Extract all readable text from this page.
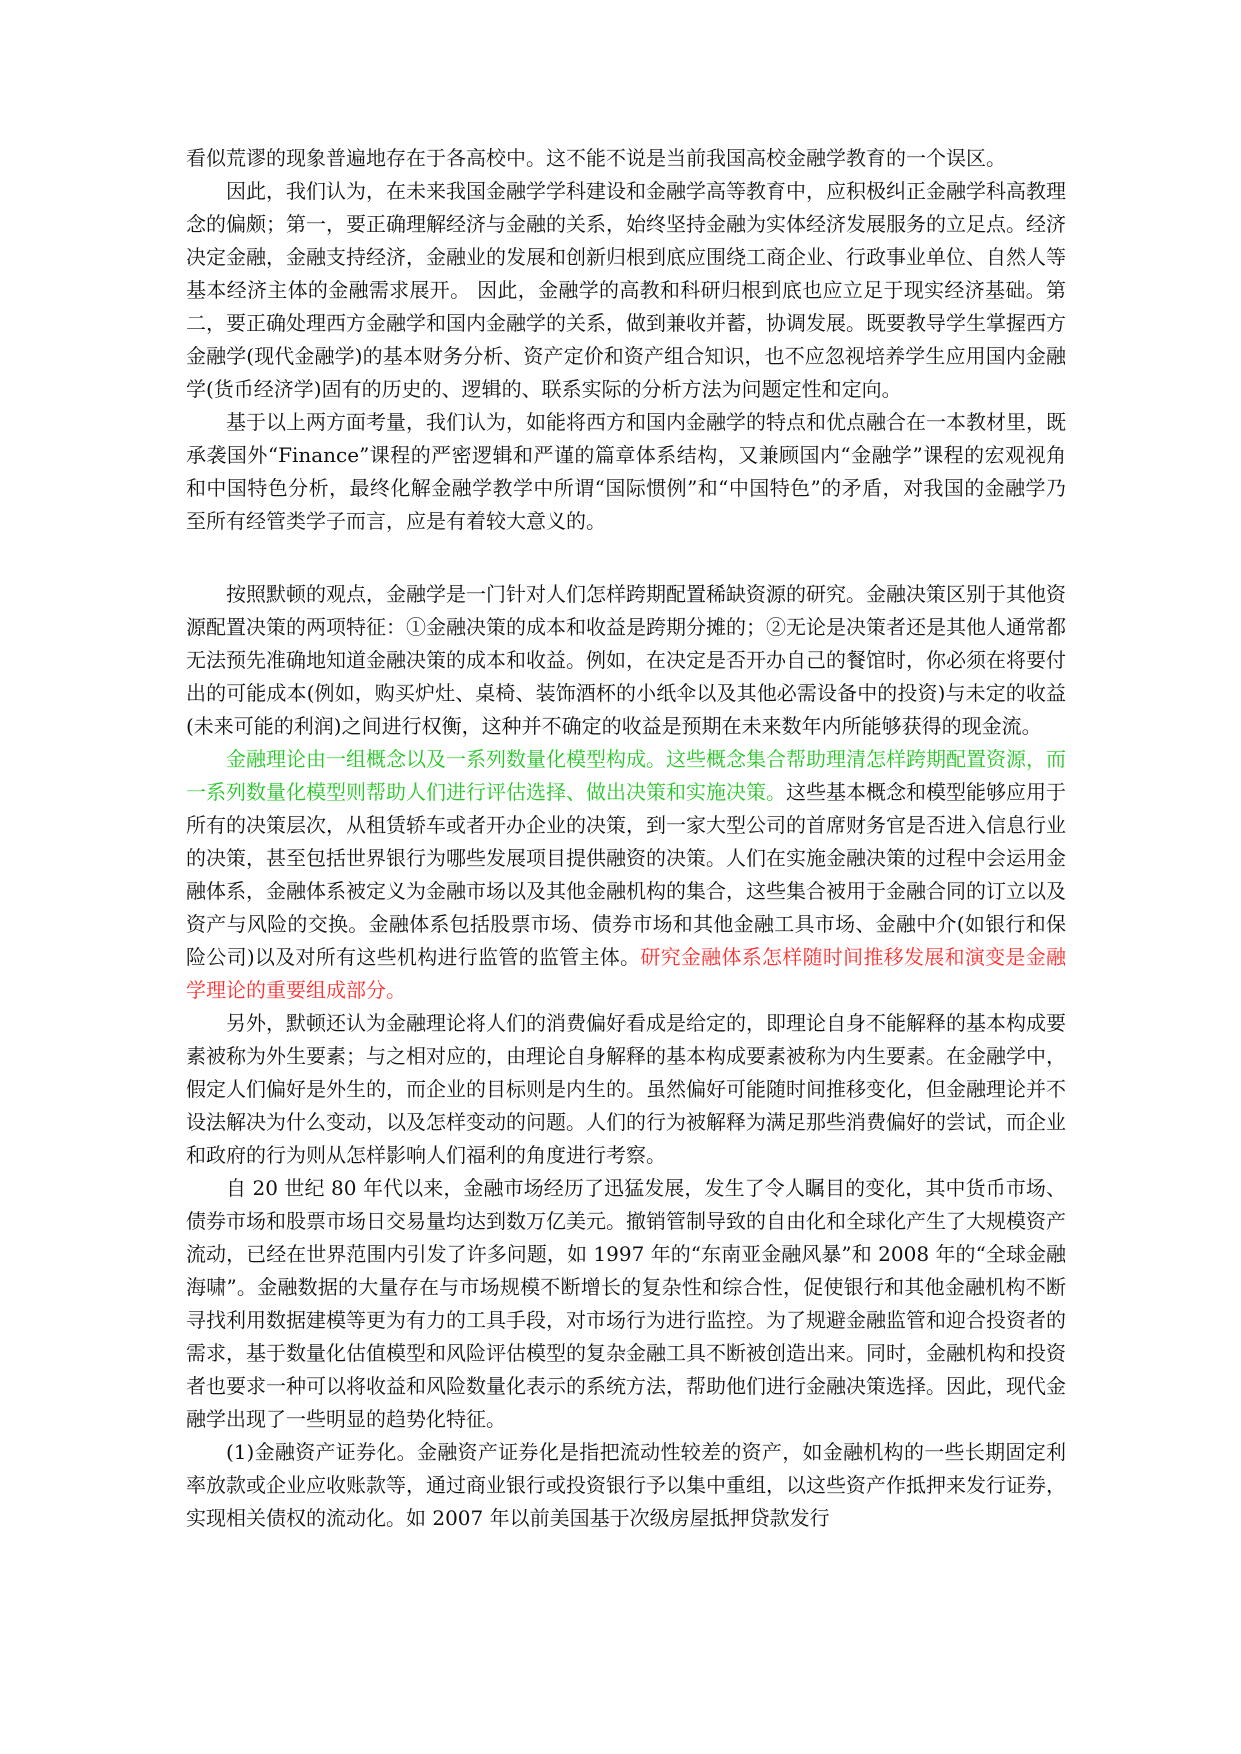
看似荒谬的现象普遍地存在于各高校中。这不能不说是当前我国高校金融学教育的一个误区。

因此，我们认为，在未来我国金融学学科建设和金融学高等教育中，应积极纠正金融学科高教理念的偏颇；第一，要正确理解经济与金融的关系，始终坚持金融为实体经济发展服务的立足点。经济决定金融，金融支持经济，金融业的发展和创新归根到底应围绕工商企业、行政事业单位、自然人等基本经济主体的金融需求展开。 因此，金融学的高教和科研归根到底也应立足于现实经济基础。第二，要正确处理西方金融学和国内金融学的关系，做到兼收并蓄，协调发展。既要教导学生掌握西方金融学(现代金融学)的基本财务分析、资产定价和资产组合知识，也不应忽视培养学生应用国内金融学(货币经济学)固有的历史的、逻辑的、联系实际的分析方法为问题定性和定向。

基于以上两方面考量，我们认为，如能将西方和国内金融学的特点和优点融合在一本教材里，既承袭国外“Finance”课程的严密逻辑和严谨的篇章体系结构，又兼顾国内“金融学”课程的宏观视角和中国特色分析，最终化解金融学教学中所谓“国际惯例”和“中国特色”的矛盾，对我国的金融学乃至所有经管类学子而言，应是有着较大意义的。

按照默顿的观点，金融学是一门针对人们怎样跨期配置稀缺资源的研究。金融决策区别于其他资源配置决策的两项特征：①金融决策的成本和收益是跨期分摊的；②无论是决策者还是其他人通常都无法预先准确地知道金融决策的成本和收益。例如，在决定是否开办自己的餐馆时，你必须在将要付出的可能成本(例如，购买炉灶、桌椅、装饰酒杯的小纸伞以及其他必需设备中的投资)与未定的收益(未来可能的利润)之间进行权衡，这种并不确定的收益是预期在未来数年内所能够获得的现金流。

金融理论由一组概念以及一系列数量化模型构成。这些概念集合帮助理清怎样跨期配置资源，而一系列数量化模型则帮助人们进行评估选择、做出决策和实施决策。这些基本概念和模型能够应用于所有的决策层次，从租赁轿车或者开办企业的决策，到一家大型公司的首席财务官是否进入信息行业的决策，甚至包括世界银行为哪些发展项目提供融资的决策。人们在实施金融决策的过程中会运用金融体系，金融体系被定义为金融市场以及其他金融机构的集合，这些集合被用于金融合同的订立以及资产与风险的交换。金融体系包括股票市场、债券市场和其他金融工具市场、金融中介(如银行和保险公司)以及对所有这些机构进行监管的监管主体。研究金融体系怎样随时间推移发展和演变是金融学理论的重要组成部分。

另外，默顿还认为金融理论将人们的消费偏好看成是给定的，即理论自身不能解释的基本构成要素被称为外生要素；与之相对应的，由理论自身解释的基本构成要素被称为内生要素。在金融学中，假定人们偏好是外生的，而企业的目标则是内生的。虽然偏好可能随时间推移变化，但金融理论并不设法解决为什么变动，以及怎样变动的问题。人们的行为被解释为满足那些消费偏好的尝试，而企业和政府的行为则从怎样影响人们福利的角度进行考察。

自 20 世纪 80 年代以来，金融市场经历了迅猛发展，发生了令人瞩目的变化，其中货币市场、债券市场和股票市场日交易量均达到数万亿美元。撤销管制导致的自由化和全球化产生了大规模资产流动，已经在世界范围内引发了许多问题，如 1997 年的“东南亚金融风暴”和 2008 年的“全球金融海啸”。金融数据的大量存在与市场规模不断增长的复杂性和综合性，促使银行和其他金融机构不断寻找利用数据建模等更为有力的工具手段，对市场行为进行监控。为了规避金融监管和迎合投资者的需求，基于数量化估值模型和风险评估模型的复杂金融工具不断被创造出来。同时，金融机构和投资者也要求一种可以将收益和风险数量化表示的系统方法，帮助他们进行金融决策选择。因此，现代金融学出现了一些明显的趋势化特征。

(1)金融资产证券化。金融资产证券化是指把流动性较差的资产，如金融机构的一些长期固定利率放款或企业应收账款等，通过商业银行或投资银行予以集中重组，以这些资产作抵押来发行证券，实现相关债权的流动化。如 2007 年以前美国基于次级房屋抵押贷款发行
